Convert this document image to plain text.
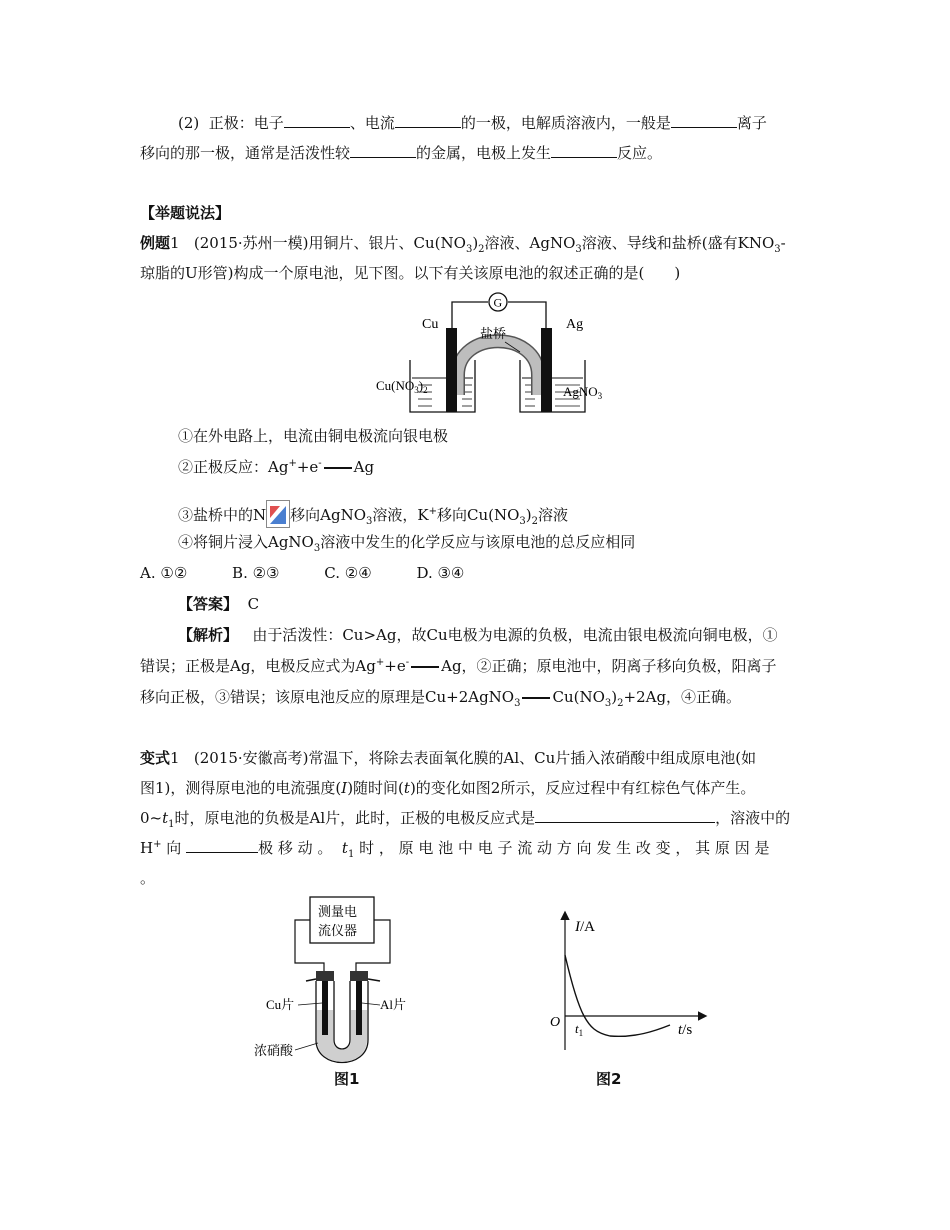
(2) 正极：电子	、电流	的一极，电解质溶液内，一般是	离子
移向的那一极，通常是活泼性较	的金属，电极上发生	反应。
【举题说法】
例题1 (2015·苏州一模)用铜片、银片、$Cu(NO_3)_2$溶液、AgNO$_3$溶液、导线和盐桥(盛有$KNO_3-$
琼脂的U形管)构成一个原电池，见下图。以下有关该原电池的叙述正确的是(　　)
G
Cu	Ag
盐桥
$Cu(NO_3)_2$	AgNO$_3$
①在外电路上，电流由铜电极流向银电极
②正极反应：Ag++e- Ag
③盐桥中的N 移向AgNO$_3$溶液，K+移向$Cu(NO_3)_2$溶液
④将铜片浸入AgNO$_3$溶液中发生的化学反应与该原电池的总反应相同
A. ①②	B. ②③	C. ②④	D. ③④
【答案】 C
【解析】 由于活泼性：Cu>Ag，故Cu电极为电源的负极，电流由银电极流向铜电极，①
错误；正极是Ag，电极反应式为Ag++e- Ag，②正确；原电池中，阴离子移向负极，阳离子
移向正极，③错误；该原电池反应的原理是Cu+2AgNO$_3$ $Cu(NO_3)_2+2Ag$，④正确。
变式1 (2015·安徽高考)常温下，将除去表面氧化膜的Al、Cu片插入浓硝酸中组成原电池(如
图1)，测得原电池的电流强度(I)随时间(t)的变化如图2所示，反应过程中有红棕色气体产生。
$0\sim t_1$时，原电池的负极是Al片，此时，正极的电极反应式是	，溶液中的
H+ 向	极 移 动 。 $t_1$ 时 ， 原 电 池 中 电 子 流 动 方 向 发 生 改 变 ， 其 原 因 是
。
测量电
流仪器
Cu片	Al片
浓硝酸
图1
I/A
O $t_1$	t/s
图2
